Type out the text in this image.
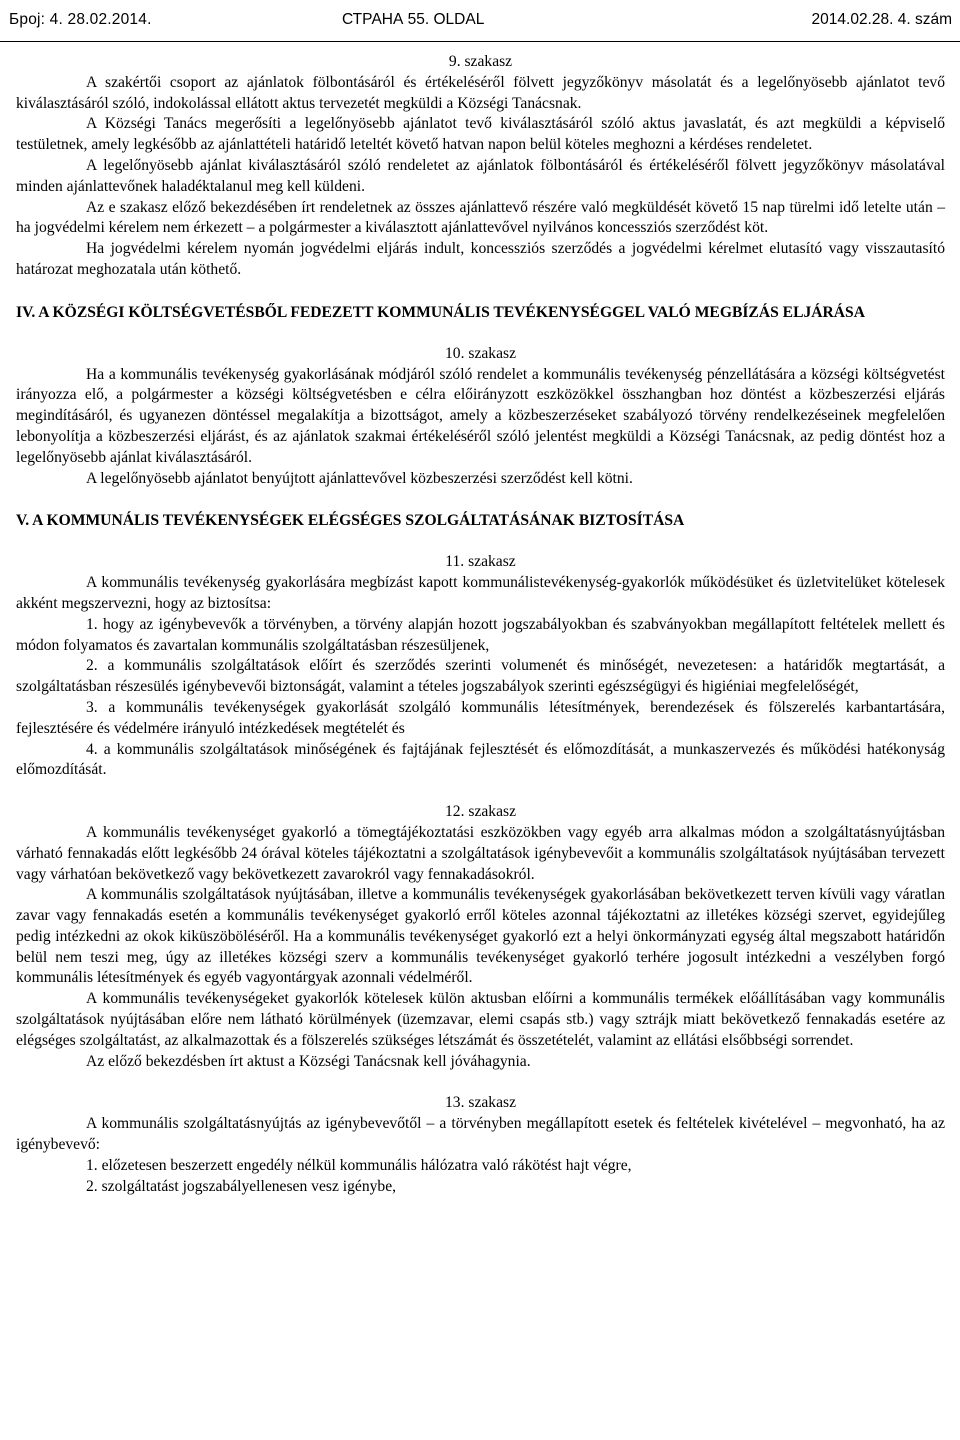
Број: 4. 28.02.2014.	СТРАНА 55. OLDAL	2014.02.28. 4. szám
9. szakasz

A szakértői csoport az ajánlatok fölbontásáról és értékeléséről fölvett jegyzőkönyv másolatát és a legelőnyösebb ajánlatot tevő kiválasztásáról szóló, indokolással ellátott aktus tervezetét megküldi a Községi Tanácsnak.

A Községi Tanács megerősíti a legelőnyösebb ajánlatot tevő kiválasztásáról szóló aktus javaslatát, és azt megküldi a képviselő testületnek, amely legkésőbb az ajánlattételi határidő leteltét követő hatvan napon belül köteles meghozni a kérdéses rendeletet.

A legelőnyösebb ajánlat kiválasztásáról szóló rendeletet az ajánlatok fölbontásáról és értékeléséről fölvett jegyzőkönyv másolatával minden ajánlattevőnek haladéktalanul meg kell küldeni.

Az e szakasz előző bekezdésében írt rendeletnek az összes ajánlattevő részére való megküldését követő 15 nap türelmi idő letelte után – ha jogvédelmi kérelem nem érkezett – a polgármester a kiválasztott ajánlattevővel nyilvános koncessziós szerződést köt.

Ha jogvédelmi kérelem nyomán jogvédelmi eljárás indult, koncessziós szerződés a jogvédelmi kérelmet elutasító vagy visszautasító határozat meghozatala után köthető.

IV. A KÖZSÉGI KÖLTSÉGVETÉSBŐL FEDEZETT KOMMUNÁLIS TEVÉKENYSÉGGEL VALÓ MEGBÍZÁS ELJÁRÁSA
10. szakasz

Ha a kommunális tevékenység gyakorlásának módjáról szóló rendelet a kommunális tevékenység pénzellátására a községi költségvetést irányozza elő, a polgármester a községi költségvetésben e célra előirányzott eszközökkel összhangban hoz döntést a közbeszerzési eljárás megindításáról, és ugyanezen döntéssel megalakítja a bizottságot, amely a közbeszerzéseket szabályozó törvény rendelkezéseinek megfelelően lebonyolítja a közbeszerzési eljárást, és az ajánlatok szakmai értékeléséről szóló jelentést megküldi a Községi Tanácsnak, az pedig döntést hoz a legelőnyösebb ajánlat kiválasztásáról.

A legelőnyösebb ajánlatot benyújtott ajánlattevővel közbeszerzési szerződést kell kötni.

V. A KOMMUNÁLIS TEVÉKENYSÉGEK ELÉGSÉGES SZOLGÁLTATÁSÁNAK BIZTOSÍTÁSA
11. szakasz

A kommunális tevékenység gyakorlására megbízást kapott kommunálistevékenység-gyakorlók működésüket és üzletvitelüket kötelesek akként megszervezni, hogy az biztosítsa:

1. hogy az igénybevevők a törvényben, a törvény alapján hozott jogszabályokban és szabványokban megállapított feltételek mellett és módon folyamatos és zavartalan kommunális szolgáltatásban részesüljenek,

2. a kommunális szolgáltatások előírt és szerződés szerinti volumenét és minőségét, nevezetesen: a határidők megtartását, a szolgáltatásban részesülés igénybevevői biztonságát, valamint a tételes jogszabályok szerinti egészségügyi és higiéniai megfelelőségét,

3. a kommunális tevékenységek gyakorlását szolgáló kommunális létesítmények, berendezések és fölszerelés karbantartására, fejlesztésére és védelmére irányuló intézkedések megtételét és

4. a kommunális szolgáltatások minőségének és fajtájának fejlesztését és előmozdítását, a munkaszervezés és működési hatékonyság előmozdítását.

12. szakasz

A kommunális tevékenységet gyakorló a tömegtájékoztatási eszközökben vagy egyéb arra alkalmas módon a szolgáltatásnyújtásban várható fennakadás előtt legkésőbb 24 órával köteles tájékoztatni a szolgáltatások igénybevevőit a kommunális szolgáltatások nyújtásában tervezett vagy várhatóan bekövetkező vagy bekövetkezett zavarokról vagy fennakadásokról.

A kommunális szolgáltatások nyújtásában, illetve a kommunális tevékenységek gyakorlásában bekövetkezett terven kívüli vagy váratlan zavar vagy fennakadás esetén a kommunális tevékenységet gyakorló erről köteles azonnal tájékoztatni az illetékes községi szervet, egyidejűleg pedig intézkedni az okok kiküszöböléséről. Ha a kommunális tevékenységet gyakorló ezt a helyi önkormányzati egység által megszabott határidőn belül nem teszi meg, úgy az illetékes községi szerv a kommunális tevékenységet gyakorló terhére jogosult intézkedni a veszélyben forgó kommunális létesítmények és egyéb vagyontárgyak azonnali védelméről.

A kommunális tevékenységeket gyakorlók kötelesek külön aktusban előírni a kommunális termékek előállításában vagy kommunális szolgáltatások nyújtásában előre nem látható körülmények (üzemzavar, elemi csapás stb.) vagy sztrájk miatt bekövetkező fennakadás esetére az elégséges szolgáltatást, az alkalmazottak és a fölszerelés szükséges létszámát és összetételét, valamint az ellátási elsőbbségi sorrendet.

Az előző bekezdésben írt aktust a Községi Tanácsnak kell jóváhagynia.

13. szakasz

A kommunális szolgáltatásnyújtás az igénybevevőtől – a törvényben megállapított esetek és feltételek kivételével – megvonható, ha az igénybevevő:

1. előzetesen beszerzett engedély nélkül kommunális hálózatra való rákötést hajt végre,

2. szolgáltatást jogszabályellenesen vesz igénybe,
